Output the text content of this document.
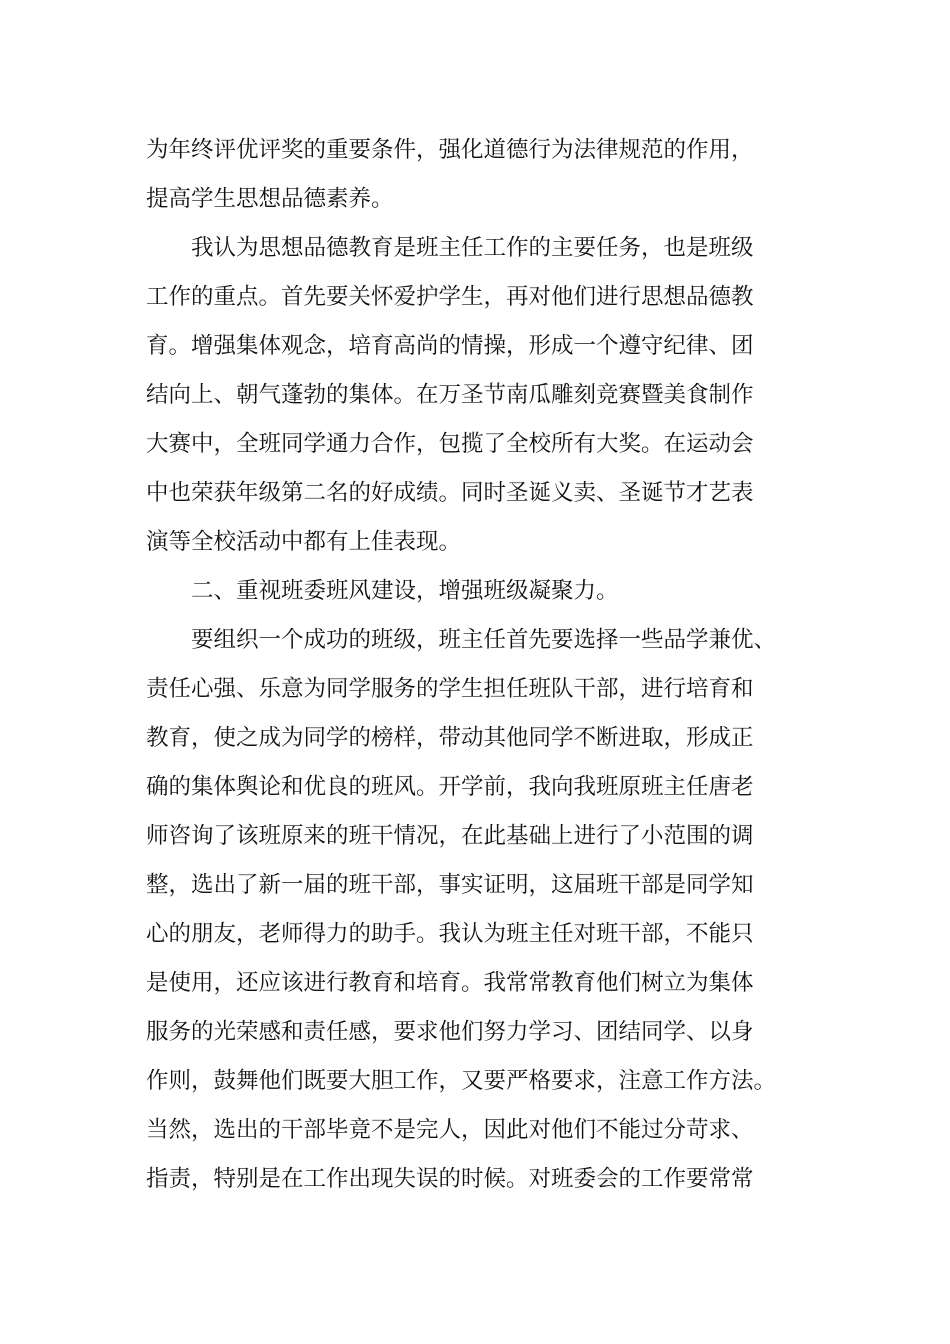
为年终评优评奖的重要条件，强化道德行为法律规范的作用，
提高学生思想品德素养。
　　我认为思想品德教育是班主任工作的主要任务，也是班级
工作的重点。首先要关怀爱护学生，再对他们进行思想品德教
育。增强集体观念，培育高尚的情操，形成一个遵守纪律、团
结向上、朝气蓬勃的集体。在万圣节南瓜雕刻竞赛暨美食制作
大赛中，全班同学通力合作，包揽了全校所有大奖。在运动会
中也荣获年级第二名的好成绩。同时圣诞义卖、圣诞节才艺表
演等全校活动中都有上佳表现。
　　二、重视班委班风建设，增强班级凝聚力。
　　要组织一个成功的班级，班主任首先要选择一些品学兼优、
责任心强、乐意为同学服务的学生担任班队干部，进行培育和
教育，使之成为同学的榜样，带动其他同学不断进取，形成正
确的集体舆论和优良的班风。开学前，我向我班原班主任唐老
师咨询了该班原来的班干情况，在此基础上进行了小范围的调
整，选出了新一届的班干部，事实证明，这届班干部是同学知
心的朋友，老师得力的助手。我认为班主任对班干部，不能只
是使用，还应该进行教育和培育。我常常教育他们树立为集体
服务的光荣感和责任感，要求他们努力学习、团结同学、以身
作则，鼓舞他们既要大胆工作，又要严格要求，注意工作方法。
当然，选出的干部毕竟不是完人，因此对他们不能过分苛求、
指责，特别是在工作出现失误的时候。对班委会的工作要常常
